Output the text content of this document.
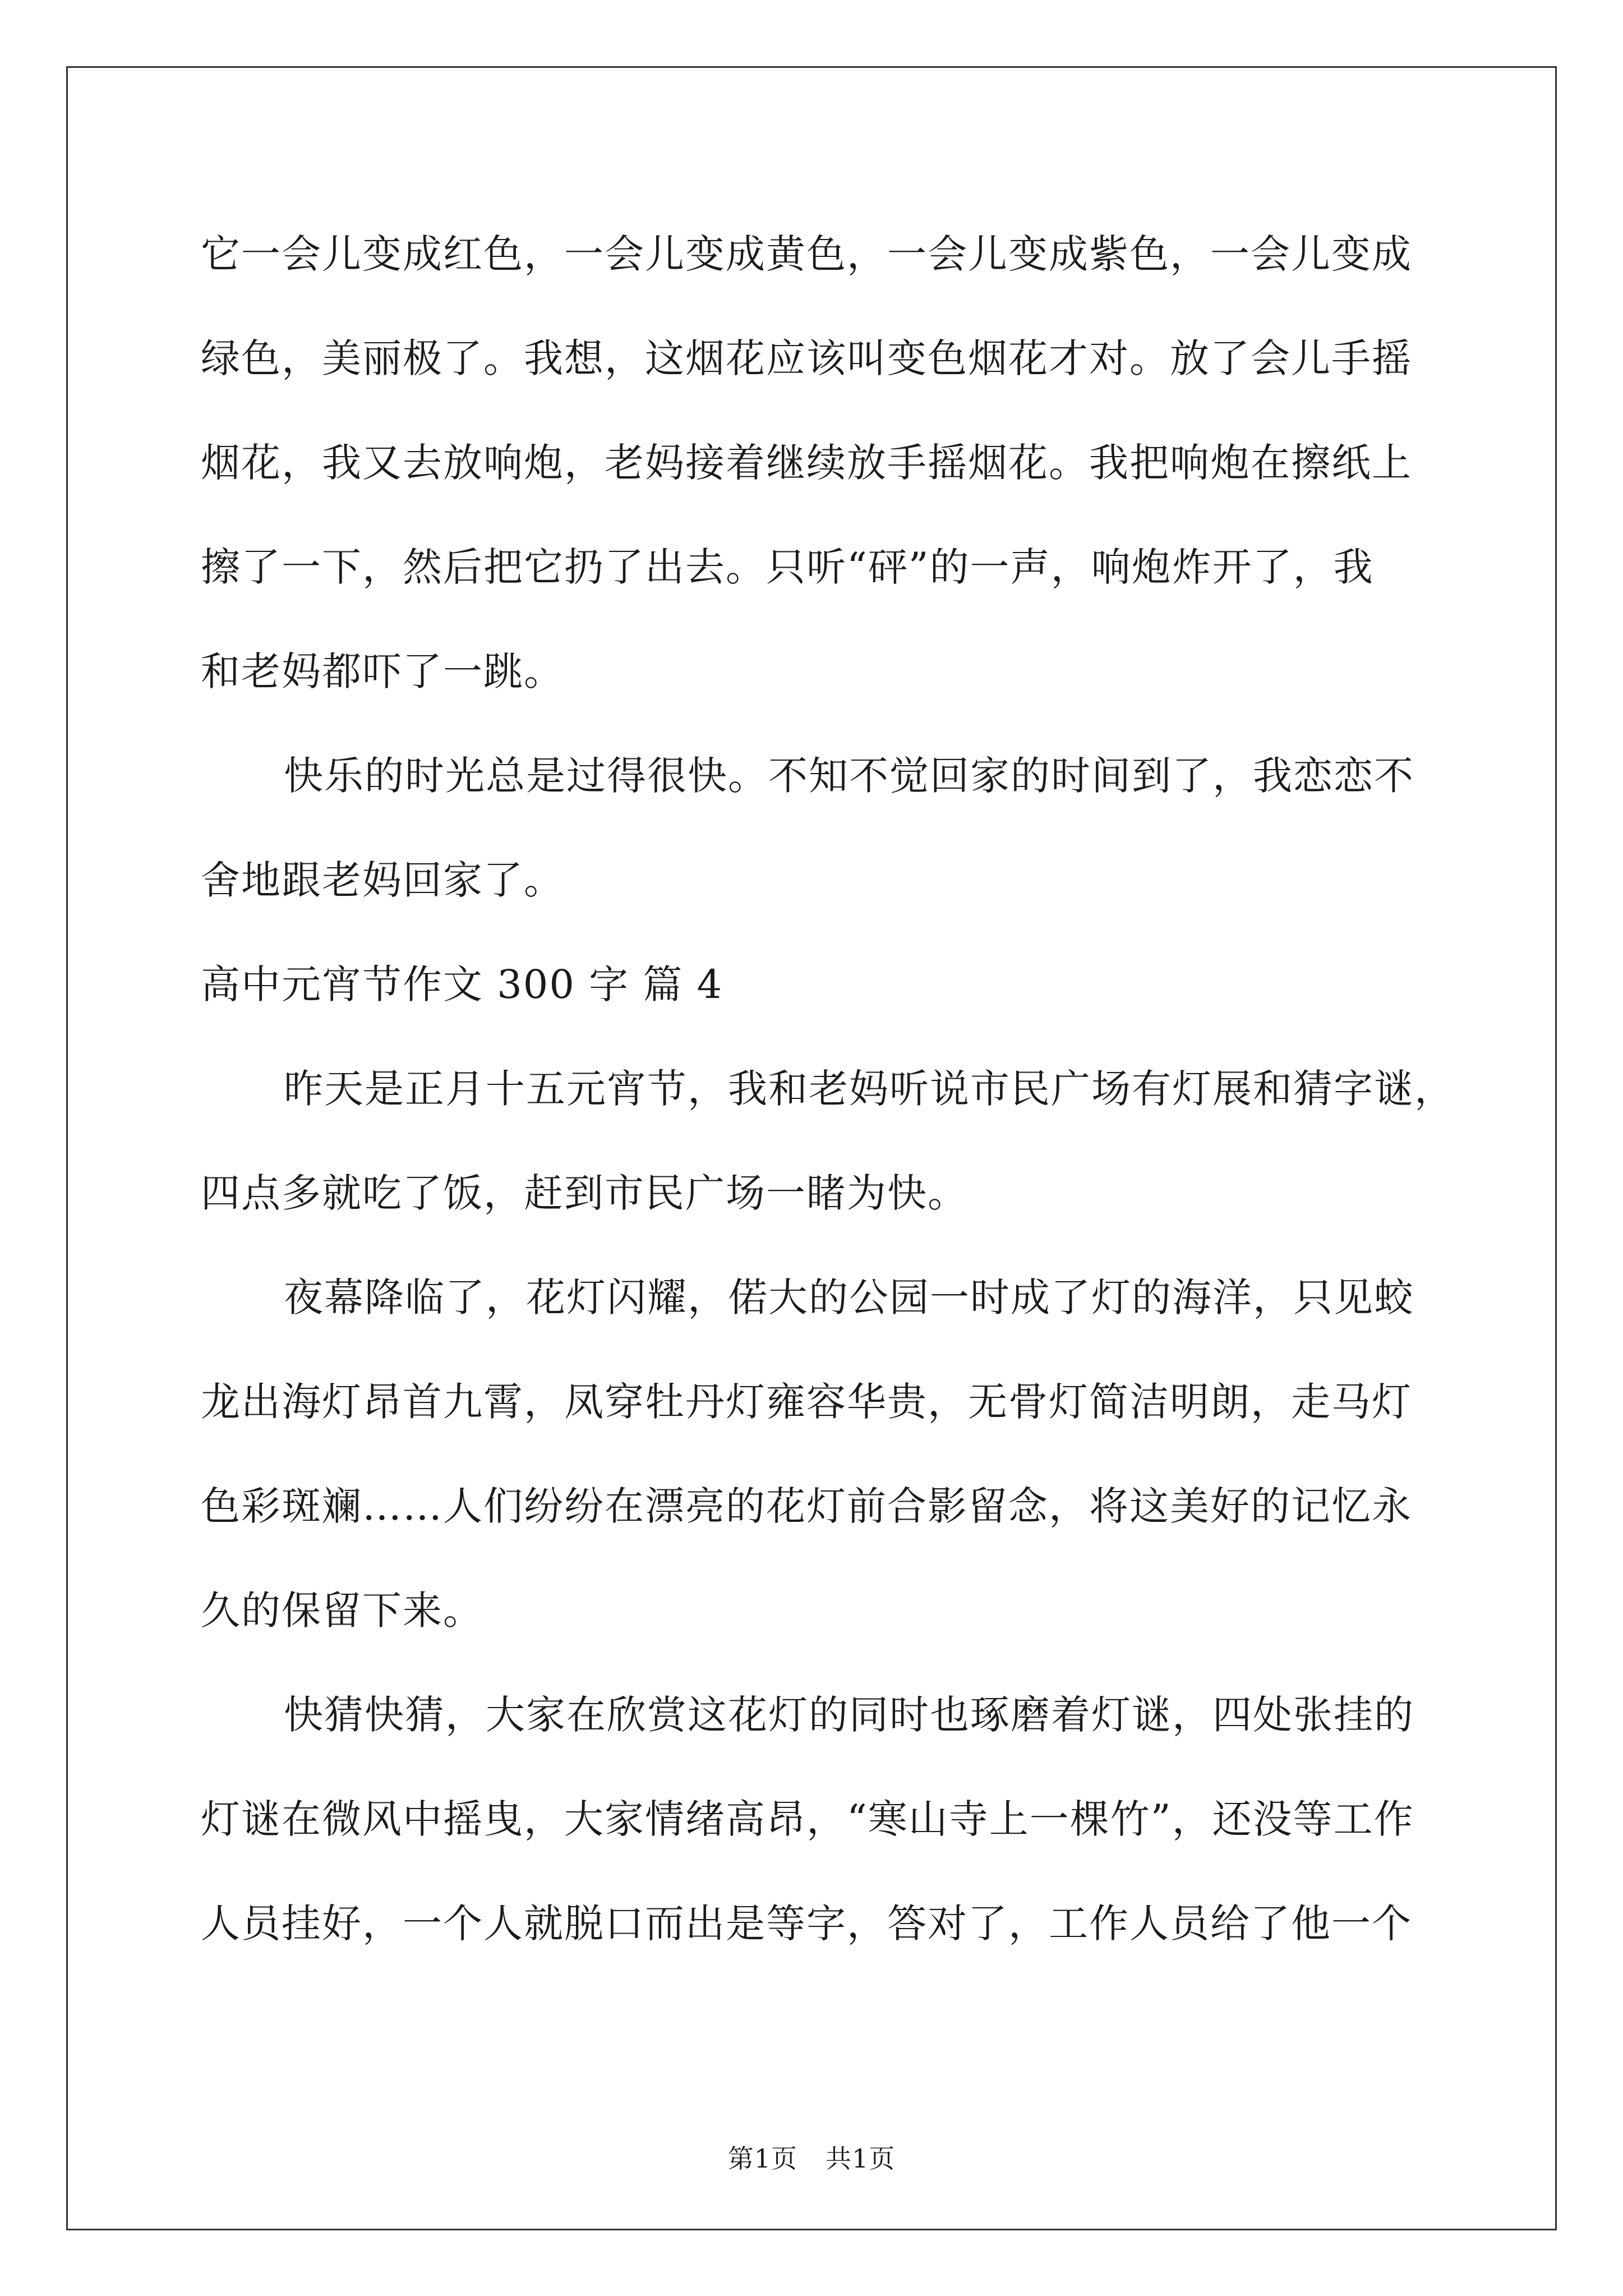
它一会儿变成红色，一会儿变成黄色，一会儿变成紫色，一会儿变成
绿色，美丽极了。我想，这烟花应该叫变色烟花才对。放了会儿手摇
烟花，我又去放响炮，老妈接着继续放手摇烟花。我把响炮在擦纸上
擦了一下，然后把它扔了出去。只听“砰”的一声，响炮炸开了，我
和老妈都吓了一跳。
快乐的时光总是过得很快。不知不觉回家的时间到了，我恋恋不
舍地跟老妈回家了。
高中元宵节作文 300 字 篇 4
昨天是正月十五元宵节，我和老妈听说市民广场有灯展和猜字谜，
四点多就吃了饭，赶到市民广场一睹为快。
夜幕降临了，花灯闪耀，偌大的公园一时成了灯的海洋，只见蛟
龙出海灯昂首九霄，凤穿牡丹灯雍容华贵，无骨灯简洁明朗，走马灯
色彩斑斓……人们纷纷在漂亮的花灯前合影留念，将这美好的记忆永
久的保留下来。
快猜快猜，大家在欣赏这花灯的同时也琢磨着灯谜，四处张挂的
灯谜在微风中摇曳，大家情绪高昂，“寒山寺上一棵竹”，还没等工作
人员挂好，一个人就脱口而出是等字，答对了，工作人员给了他一个
第1页 共1页
